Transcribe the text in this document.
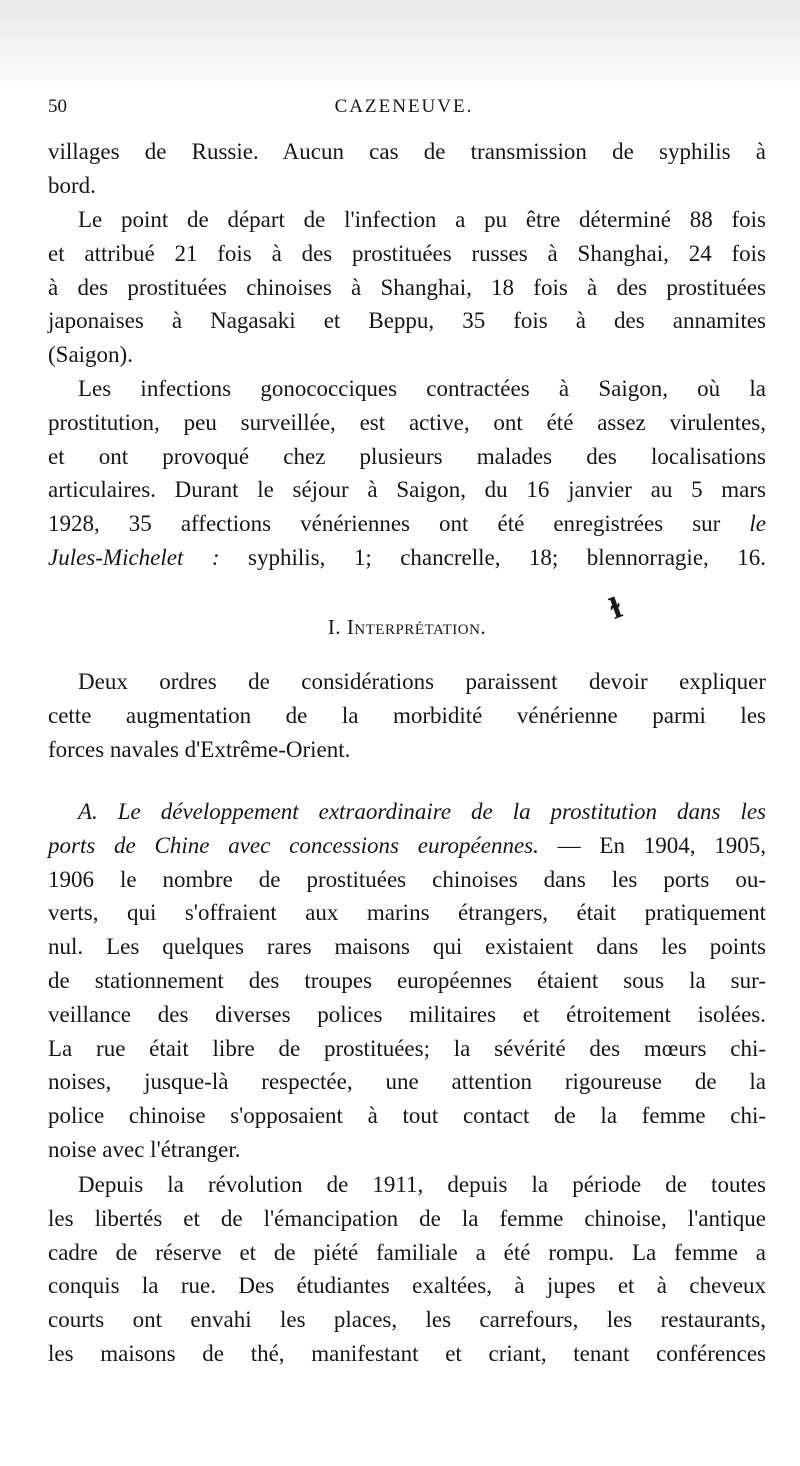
50	CAZENEUVE.
villages de Russie. Aucun cas de transmission de syphilis à
bord.
Le point de départ de l'infection a pu être déterminé 88 fois
et attribué 21 fois à des prostituées russes à Shanghai, 24 fois
à des prostituées chinoises à Shanghai, 18 fois à des prostituées
japonaises à Nagasaki et Beppu, 35 fois à des annamites
(Saigon).
Les infections gonococciques contractées à Saigon, où la
prostitution, peu surveillée, est active, ont été assez virulentes,
et ont provoqué chez plusieurs malades des localisations
articulaires. Durant le séjour à Saigon, du 16 janvier au 5 mars
1928, 35 affections vénériennes ont été enregistrées sur le
Jules-Michelet : syphilis, 1; chancrelle, 18; blennorragie, 16.
ɫ
I. Interprétation.
Deux ordres de considérations paraissent devoir expliquer
cette augmentation de la morbidité vénérienne parmi les
forces navales d'Extrême-Orient.
A. Le développement extraordinaire de la prostitution dans les
ports de Chine avec concessions européennes. — En 1904, 1905,
1906 le nombre de prostituées chinoises dans les ports ou-
verts, qui s'offraient aux marins étrangers, était pratiquement
nul. Les quelques rares maisons qui existaient dans les points
de stationnement des troupes européennes étaient sous la sur-
veillance des diverses polices militaires et étroitement isolées.
La rue était libre de prostituées; la sévérité des mœurs chi-
noises, jusque-là respectée, une attention rigoureuse de la
police chinoise s'opposaient à tout contact de la femme chi-
noise avec l'étranger.
Depuis la révolution de 1911, depuis la période de toutes
les libertés et de l'émancipation de la femme chinoise, l'antique
cadre de réserve et de piété familiale a été rompu. La femme a
conquis la rue. Des étudiantes exaltées, à jupes et à cheveux
courts ont envahi les places, les carrefours, les restaurants,
les maisons de thé, manifestant et criant, tenant conférences
